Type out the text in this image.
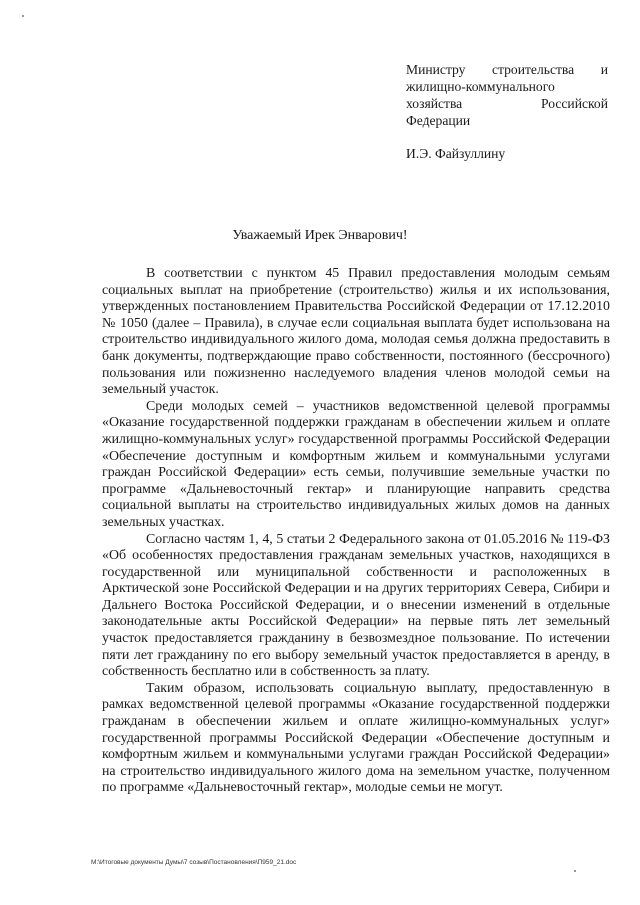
Министру строительства и
жилищно-коммунального
хозяйства Российской
Федерации
И.Э. Файзуллину
Уважаемый Ирек Энварович!

В соответствии с пунктом 45 Правил предоставления молодым семьям социальных выплат на приобретение (строительство) жилья и их использования, утвержденных постановлением Правительства Российской Федерации от 17.12.2010 № 1050 (далее – Правила), в случае если социальная выплата будет использована на строительство индивидуального жилого дома, молодая семья должна предоставить в банк документы, подтверждающие право собственности, постоянного (бессрочного) пользования или пожизненно наследуемого владения членов молодой семьи на земельный участок.

Среди молодых семей – участников ведомственной целевой программы «Оказание государственной поддержки гражданам в обеспечении жильем и оплате жилищно-коммунальных услуг» государственной программы Российской Федерации «Обеспечение доступным и комфортным жильем и коммунальными услугами граждан Российской Федерации» есть семьи, получившие земельные участки по программе «Дальневосточный гектар» и планирующие направить средства социальной выплаты на строительство индивидуальных жилых домов на данных земельных участках.

Согласно частям 1, 4, 5 статьи 2 Федерального закона от 01.05.2016 № 119-ФЗ «Об особенностях предоставления гражданам земельных участков, находящихся в государственной или муниципальной собственности и расположенных в Арктической зоне Российской Федерации и на других территориях Севера, Сибири и Дальнего Востока Российской Федерации, и о внесении изменений в отдельные законодательные акты Российской Федерации» на первые пять лет земельный участок предоставляется гражданину в безвозмездное пользование. По истечении пяти лет гражданину по его выбору земельный участок предоставляется в аренду, в собственность бесплатно или в собственность за плату.

Таким образом, использовать социальную выплату, предоставленную в рамках ведомственной целевой программы «Оказание государственной поддержки гражданам в обеспечении жильем и оплате жилищно-коммунальных услуг» государственной программы Российской Федерации «Обеспечение доступным и комфортным жильем и коммунальными услугами граждан Российской Федерации» на строительство индивидуального жилого дома на земельном участке, полученном по программе «Дальневосточный гектар», молодые семьи не могут.

M:\Итоговые документы Думы\7 созыв\Постановления\П959_21.doc
